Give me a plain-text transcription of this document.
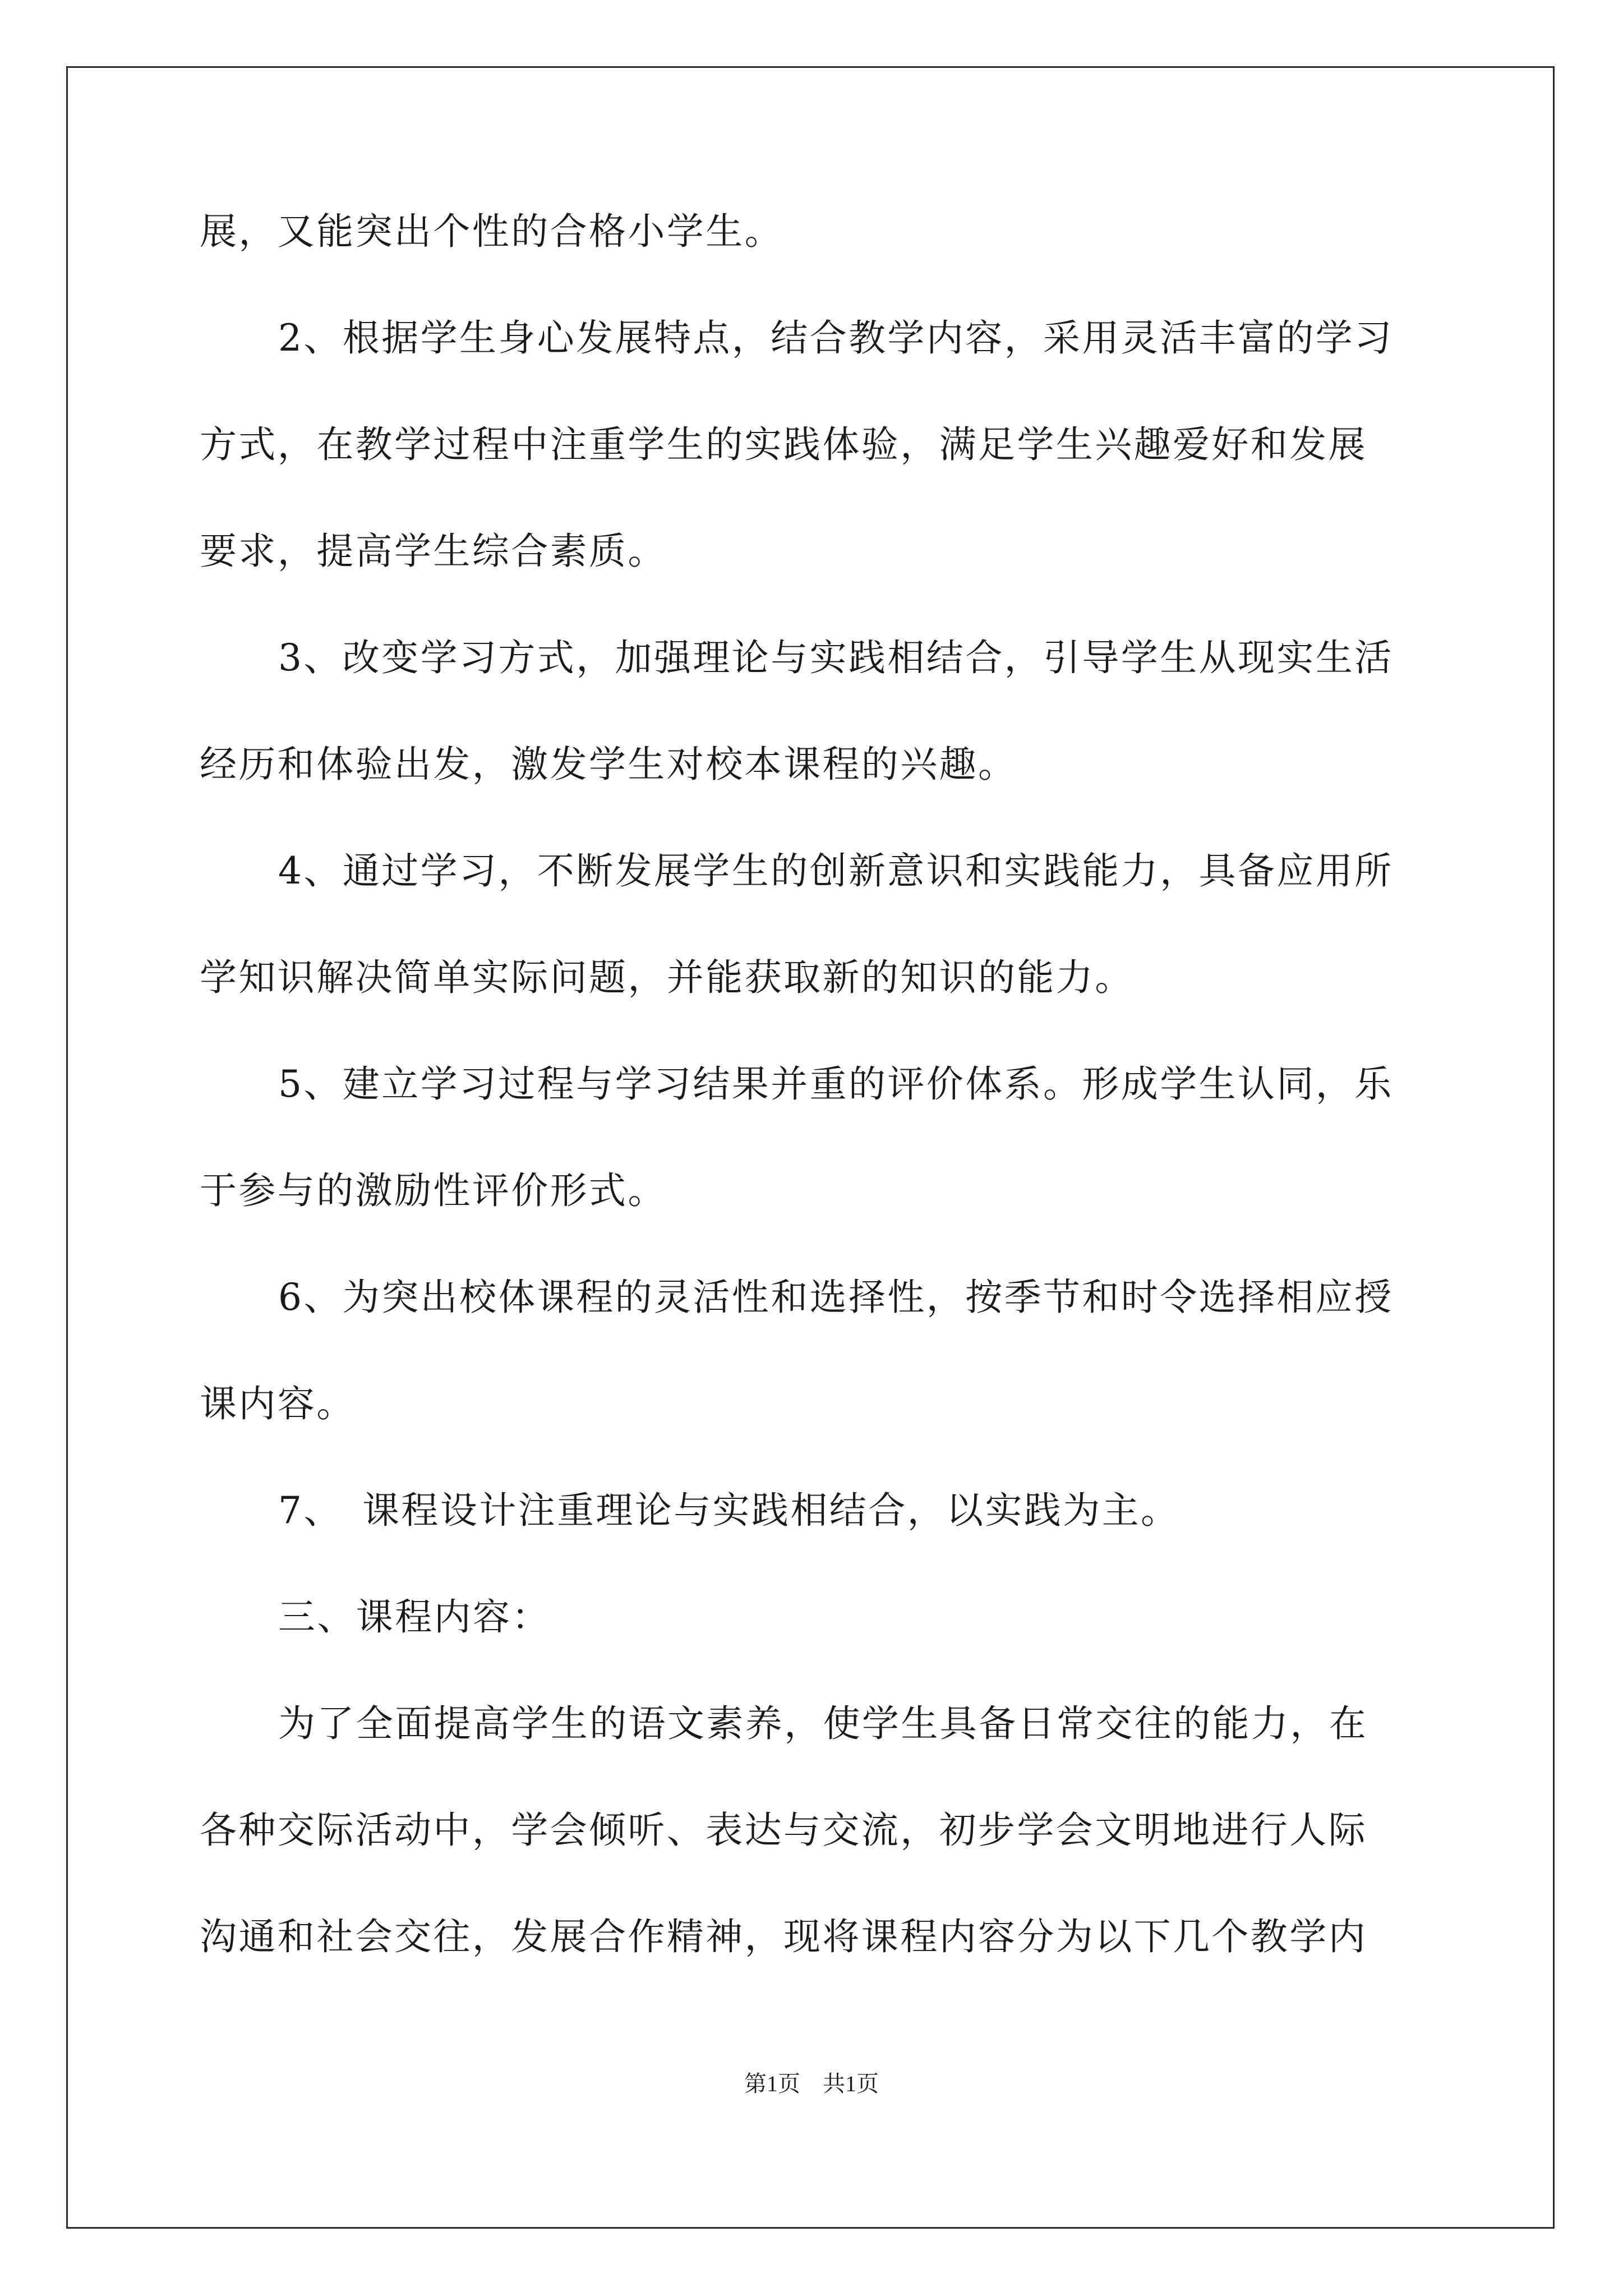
展，又能突出个性的合格小学生。
2、根据学生身心发展特点，结合教学内容，采用灵活丰富的学习
方式，在教学过程中注重学生的实践体验，满足学生兴趣爱好和发展
要求，提高学生综合素质。
3、改变学习方式，加强理论与实践相结合，引导学生从现实生活
经历和体验出发，激发学生对校本课程的兴趣。
4、通过学习，不断发展学生的创新意识和实践能力，具备应用所
学知识解决简单实际问题，并能获取新的知识的能力。
5、建立学习过程与学习结果并重的评价体系。形成学生认同，乐
于参与的激励性评价形式。
6、为突出校体课程的灵活性和选择性，按季节和时令选择相应授
课内容。
7、 课程设计注重理论与实践相结合，以实践为主。
三、课程内容：
为了全面提高学生的语文素养，使学生具备日常交往的能力，在
各种交际活动中，学会倾听、表达与交流，初步学会文明地进行人际
沟通和社会交往，发展合作精神，现将课程内容分为以下几个教学内
第1页 共1页
